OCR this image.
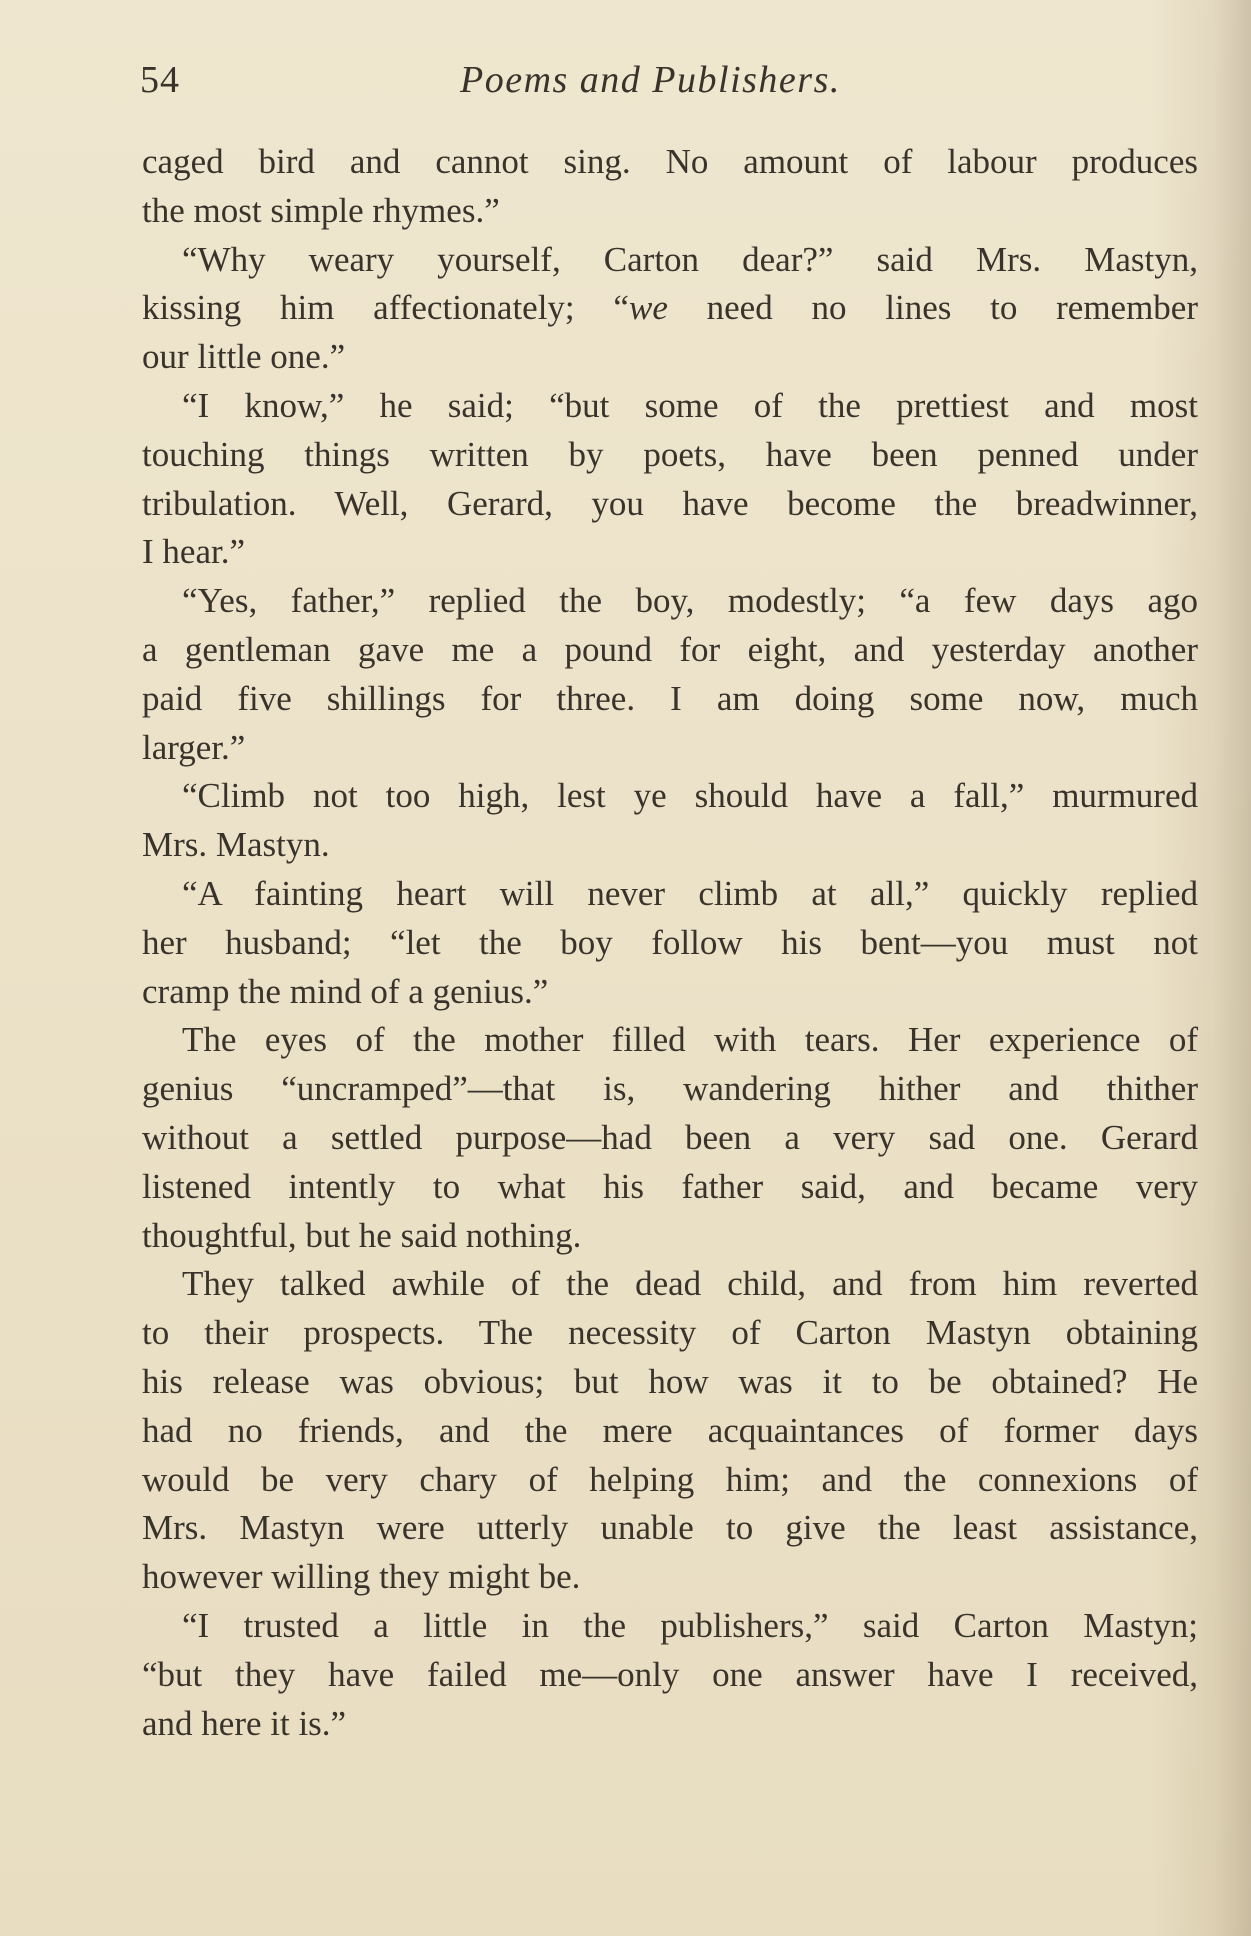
54	Poems and Publishers.
caged bird and cannot sing. No amount of labour produces
the most simple rhymes.”
“Why weary yourself, Carton dear?” said Mrs. Mastyn,
kissing him affectionately; “we need no lines to remember
our little one.”
“I know,” he said; “but some of the prettiest and most
touching things written by poets, have been penned under
tribulation. Well, Gerard, you have become the breadwinner,
I hear.”
“Yes, father,” replied the boy, modestly; “a few days ago
a gentleman gave me a pound for eight, and yesterday another
paid five shillings for three. I am doing some now, much
larger.”
“Climb not too high, lest ye should have a fall,” murmured
Mrs. Mastyn.
“A fainting heart will never climb at all,” quickly replied
her husband; “let the boy follow his bent—you must not
cramp the mind of a genius.”
The eyes of the mother filled with tears. Her experience of
genius “uncramped”—that is, wandering hither and thither
without a settled purpose—had been a very sad one. Gerard
listened intently to what his father said, and became very
thoughtful, but he said nothing.
They talked awhile of the dead child, and from him reverted
to their prospects. The necessity of Carton Mastyn obtaining
his release was obvious; but how was it to be obtained? He
had no friends, and the mere acquaintances of former days
would be very chary of helping him; and the connexions of
Mrs. Mastyn were utterly unable to give the least assistance,
however willing they might be.
“I trusted a little in the publishers,” said Carton Mastyn;
“but they have failed me—only one answer have I received,
and here it is.”
